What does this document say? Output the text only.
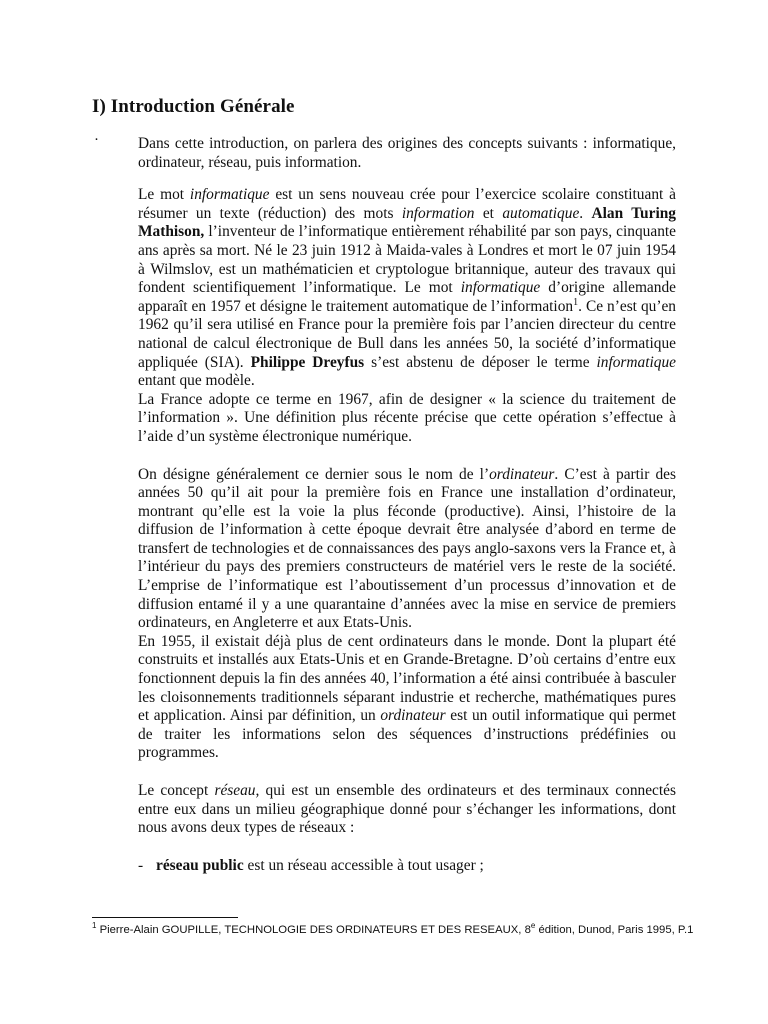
I) Introduction Générale
·	Dans cette introduction, on parlera des origines des concepts suivants : informatique, ordinateur, réseau, puis information.

Le mot informatique est un sens nouveau crée pour l’exercice scolaire constituant à résumer un texte (réduction) des mots information et automatique. Alan Turing Mathison, l’inventeur de l’informatique entièrement réhabilité par son pays, cinquante ans après sa mort. Né le 23 juin 1912 à Maida-vales à Londres et mort le 07 juin 1954 à Wilmslov, est un mathématicien et cryptologue britannique, auteur des travaux qui fondent scientifiquement l’informatique. Le mot informatique d’origine allemande apparaît en 1957 et désigne le traitement automatique de l’information$^1$. Ce n’est qu’en 1962 qu’il sera utilisé en France pour la première fois par l’ancien directeur du centre national de calcul électronique de Bull dans les années 50, la société d’informatique appliquée (SIA). Philippe Dreyfus s’est abstenu de déposer le terme informatique entant que modèle.

La France adopte ce terme en 1967, afin de designer « la science du traitement de l’information ». Une définition plus récente précise que cette opération s’effectue à l’aide d’un système électronique numérique.

On désigne généralement ce dernier sous le nom de l’ordinateur. C’est à partir des années 50 qu’il ait pour la première fois en France une installation d’ordinateur, montrant qu’elle est la voie la plus féconde (productive). Ainsi, l’histoire de la diffusion de l’information à cette époque devrait être analysée d’abord en terme de transfert de technologies et de connaissances des pays anglo-saxons vers la France et, à l’intérieur du pays des premiers constructeurs de matériel vers le reste de la société. L’emprise de l’informatique est l’aboutissement d’un processus d’innovation et de diffusion entamé il y a une quarantaine d’années avec la mise en service de premiers ordinateurs, en Angleterre et aux Etats-Unis.

En 1955, il existait déjà plus de cent ordinateurs dans le monde. Dont la plupart été construits et installés aux Etats-Unis et en Grande-Bretagne. D’où certains d’entre eux fonctionnent depuis la fin des années 40, l’information a été ainsi contribuée à basculer les cloisonnements traditionnels séparant industrie et recherche, mathématiques pures et application. Ainsi par définition, un ordinateur est un outil informatique qui permet de traiter les informations selon des séquences d’instructions prédéfinies ou programmes.

Le concept réseau, qui est un ensemble des ordinateurs et des terminaux connectés entre eux dans un milieu géographique donné pour s’échanger les informations, dont nous avons deux types de réseaux :

- réseau public est un réseau accessible à tout usager ;
$^1$ Pierre-Alain GOUPILLE, TECHNOLOGIE DES ORDINATEURS ET DES RESEAUX, 8e édition, Dunod, Paris 1995, P.1
